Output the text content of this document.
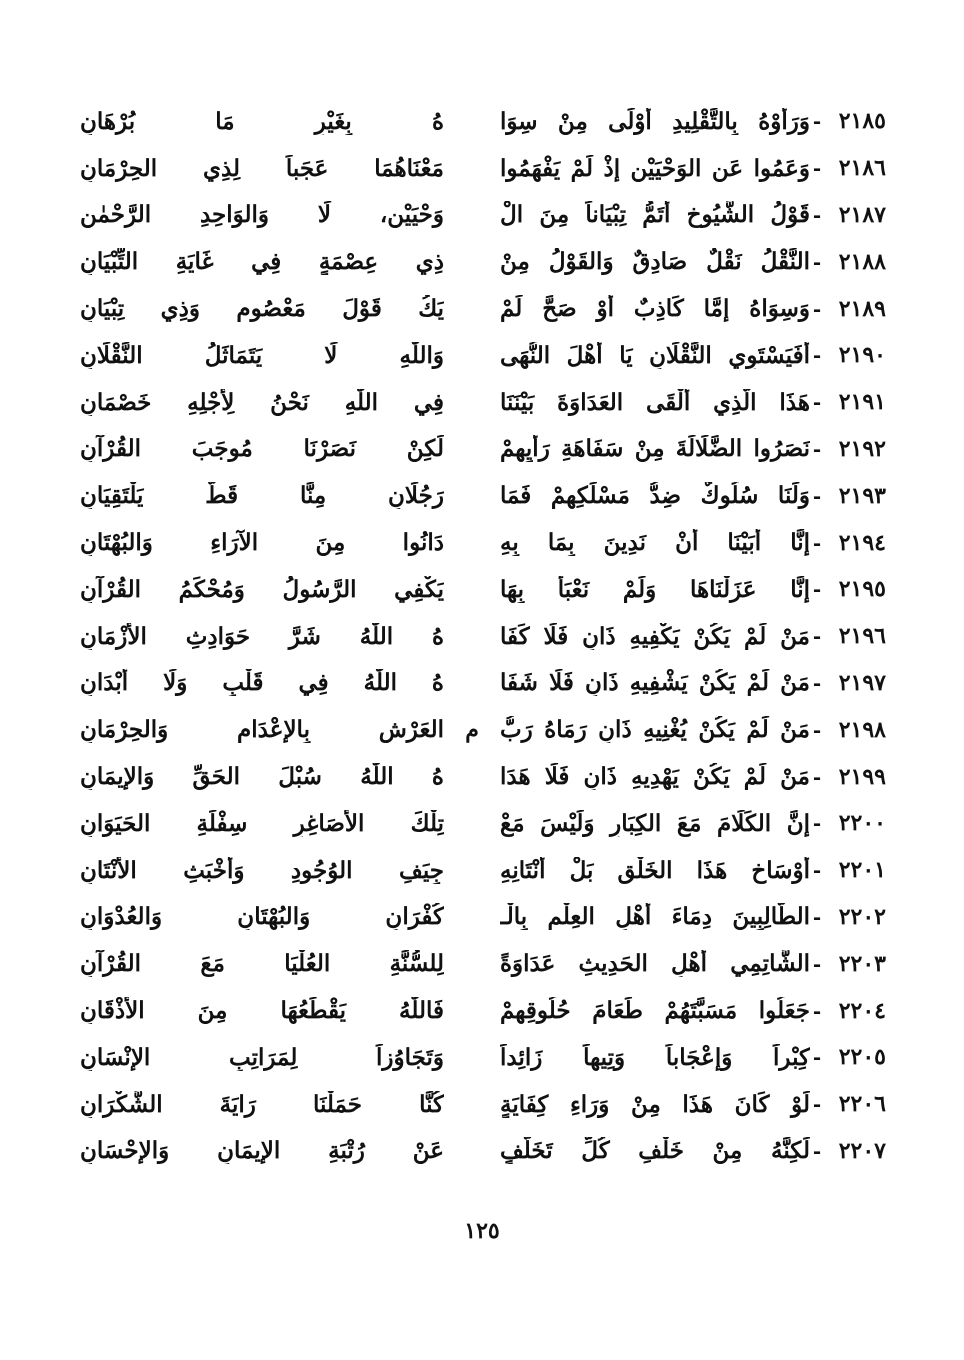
٢١٨٥
-
وَرَأَوْهُ بِالتَّقْلِيدِ أَوْلَى مِنْ سِوَا
هُ بِغَيْرِ مَا بُرْهَانِ
٢١٨٦
-
وَعَمُوا عَنِ الوَحْيَيْنِ إِذْ لَمْ يَفْهَمُوا
مَعْنَاهُمَا عَجَباً لِذِي الحِرْمَانِ
٢١٨٧
-
قَوْلُ الشُّيُوخِ أَتَمُّ تِبْيَاناً مِنَ الْ
وَحْيَيْنِ، لَا وَالوَاحِدِ الرَّحْمٰنِ
٢١٨٨
-
النَّقْلُ نَقْلٌ صَادِقٌ وَالقَوْلُ مِنْ
ذِي عِصْمَةٍ فِي غَايَةِ التِّبْيَانِ
٢١٨٩
-
وَسِوَاهُ إِمَّا كَاذِبٌ أَوْ صَحَّ لَمْ
يَكُ قَوْلَ مَعْصُومٍ وَذِي تِبْيَانِ
٢١٩٠
-
أَفَيَسْتَوِي النَّقْلَانِ يَا أَهْلَ النُّهَى
وَاللّٰهِ لَا يَتَمَاثَلُ النَّقْلَانِ
٢١٩١
-
هَذَا الَّذِي أَلْقَى العَدَاوَةَ بَيْنَنَا
فِي اللّٰهِ نَحْنُ لِأَجْلِهِ خَصْمَانِ
٢١٩٢
-
نَصَرُوا الضَّلَالَةَ مِنْ سَفَاهَةِ رَأْيِهِمْ
لَكِنْ نَصَرْنَا مُوجَبَ القُرْآنِ
٢١٩٣
-
وَلَنَا سُلُوكٌ ضِدُّ مَسْلَكِهِمْ فَمَا
رَجُلَانِ مِنَّا قَطُّ يَلْتَقِيَانِ
٢١٩٤
-
إِنَّا أَبَيْنَا أَنْ نَدِينَ بِمَا بِهِ
دَانُوا مِنَ الآرَاءِ وَالبُهْتَانِ
٢١٩٥
-
إِنَّا عَزَلْنَاهَا وَلَمْ نَعْبَأْ بِهَا
يَكْفِي الرَّسُولُ وَمُحْكَمُ القُرْآنِ
٢١٩٦
-
مَنْ لَمْ يَكُنْ يَكْفِيهِ ذَانِ فَلَا كَفَا
هُ اللّٰهُ شَرَّ حَوَادِثِ الأَزْمَانِ
٢١٩٧
-
مَنْ لَمْ يَكُنْ يَشْفِيهِ ذَانِ فَلَا شَفَا
هُ اللّٰهُ فِي قَلْبٍ وَلَا أَبْدَانِ
٢١٩٨
-
مَنْ لَمْ يَكُنْ يُغْنِيهِ ذَانِ رَمَاهُ رَبُّ
م
العَرْشِ بِالإِعْدَامِ وَالحِرْمَانِ
٢١٩٩
-
مَنْ لَمْ يَكُنْ يَهْدِيهِ ذَانِ فَلَا هَدَا
هُ اللّٰهُ سُبْلَ الحَقِّ وَالإِيمَانِ
٢٢٠٠
-
إِنَّ الكَلَامَ مَعَ الكِبَارِ وَلَيْسَ مَعْ
تِلْكَ الأَصَاغِرِ سِفْلَةِ الحَيَوَانِ
٢٢٠١
-
أَوْسَاخِ هَذَا الخَلْقِ بَلْ أَنْتَانِهِ
جِيَفِ الوُجُودِ وَأَخْبَثِ الأَنْتَانِ
٢٢٠٢
-
الطَّالِبِينَ دِمَاءَ أَهْلِ العِلْمِ بِالْـ
كُفْرَانِ وَالبُهْتَانِ وَالعُدْوَانِ
٢٢٠٣
-
الشَّاتِمِي أَهْلِ الحَدِيثِ عَدَاوَةً
لِلسُّنَّةِ العُلْيَا مَعَ القُرْآنِ
٢٢٠٤
-
جَعَلُوا مَسَبَّتَهُمْ طَعَامَ حُلُوقِهِمْ
فَاللّٰهُ يَقْطَعُهَا مِنَ الأَذْقَانِ
٢٢٠٥
-
كِبْراً وَإِعْجَاباً وَتِيهاً زَائِداً
وَتَجَاوُزاً لِمَرَاتِبِ الإِنْسَانِ
٢٢٠٦
-
لَوْ كَانَ هَذَا مِنْ وَرَاءِ كِفَايَةٍ
كُنَّا حَمَلْنَا رَايَةَ الشُّكْرَانِ
٢٢٠٧
-
لَكِنَّهُ مِنْ خَلْفِ كُلِّ تَخَلُّفٍ
عَنْ رُتْبَةِ الإِيمَانِ وَالإِحْسَانِ
١٢٥
